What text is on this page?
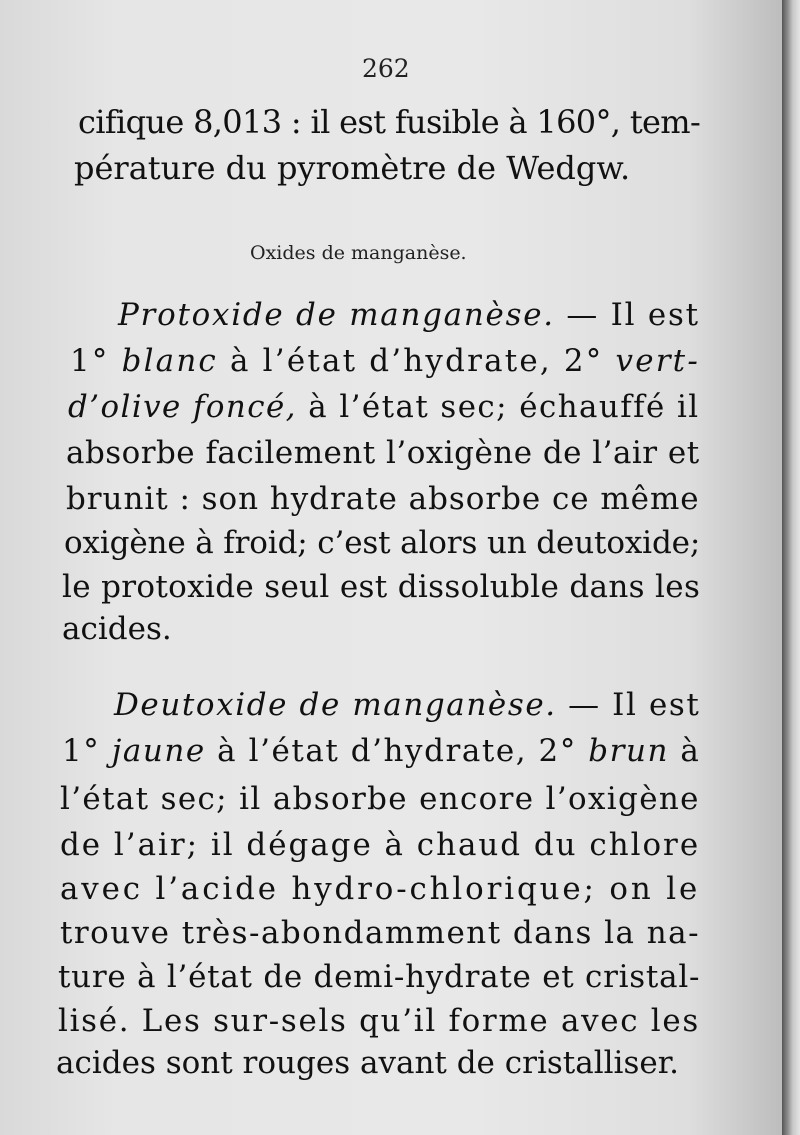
262
cifique 8,013 : il est fusible à 160°, tem-
pérature du pyromètre de Wedgw.
Oxides de manganèse.
Protoxide de manganèse. — Il est
1° blanc à l’état d’hydrate, 2° vert-
d’olive foncé, à l’état sec; échauffé il
absorbe facilement l’oxigène de l’air et
brunit : son hydrate absorbe ce même
oxigène à froid; c’est alors un deutoxide;
le protoxide seul est dissoluble dans les
acides.
Deutoxide de manganèse. — Il est
1° jaune à l’état d’hydrate, 2° brun à
l’état sec; il absorbe encore l’oxigène
de l’air; il dégage à chaud du chlore
avec l’acide hydro-chlorique; on le
trouve très-abondamment dans la na-
ture à l’état de demi-hydrate et cristal-
lisé. Les sur-sels qu’il forme avec les
acides sont rouges avant de cristalliser.
